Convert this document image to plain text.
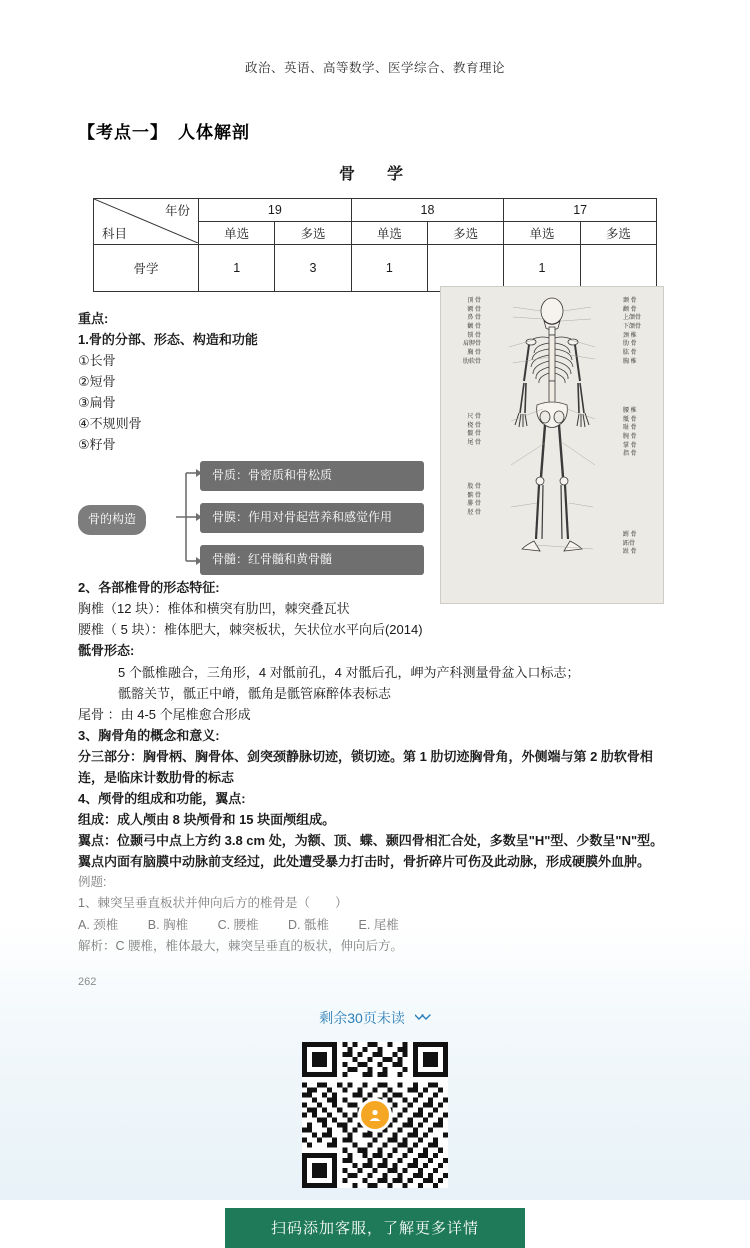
政治、英语、高等数学、医学综合、教育理论
【考点一】 人体解剖
骨　学
年份
科目	19		18		17	
	单选	多选	单选	多选	单选	多选
骨学	1	3	1		1	
顶 骨
额 骨
鼻 骨
颧 骨
锁 骨
肩胛骨
胸 骨
肋软骨
颞 骨
颧 骨
上颌骨
下颌骨
颈 椎
肋 骨
肱 骨
胸 椎
尺 骨
桡 骨
髋 骨
尾 骨
腰 椎
骶 骨
耻 骨
腕 骨
掌 骨
指 骨
股 骨
髌 骨
腓 骨
胫 骨
跗 骨
跖骨
趾 骨
重点:
1.骨的分部、形态、构造和功能
①长骨
②短骨
③扁骨
④不规则骨
⑤籽骨
骨的构造
骨质：骨密质和骨松质
骨膜：作用对骨起营养和感觉作用
骨髓：红骨髓和黄骨髓
2、各部椎骨的形态特征:
胸椎（12 块）：椎体和横突有肋凹，棘突叠瓦状
腰椎（ 5 块）：椎体肥大，棘突板状，矢状位水平向后(2014)
骶骨形态:
5 个骶椎融合，三角形，4 对骶前孔，4 对骶后孔，岬为产科测量骨盆入口标志；
骶髂关节，骶正中嵴，骶角是骶管麻醉体表标志
尾骨 ：由 4-5 个尾椎愈合形成
3、胸骨角的概念和意义:
分三部分：胸骨柄、胸骨体、剑突颈静脉切迹，锁切迹。第 1 肋切迹胸骨角，外侧端与第 2 肋软骨相
连，是临床计数肋骨的标志
4、颅骨的组成和功能，翼点:
组成：成人颅由 8 块颅骨和 15 块面颅组成。
翼点：位颞弓中点上方约 3.8 cm 处，为额、顶、蝶、颞四骨相汇合处，多数呈"H"型、少数呈"N"型。
翼点内面有脑膜中动脉前支经过，此处遭受暴力打击时，骨折碎片可伤及此动脉，形成硬膜外血肿。
例题:
1、棘突呈垂直板状并伸向后方的椎骨是（　　）
A. 颈椎 B. 胸椎 C. 腰椎 D. 骶椎 E. 尾椎
解析：C 腰椎，椎体最大，棘突呈垂直的板状，伸向后方。
262
剩余30页未读
扫码添加客服，了解更多详情
